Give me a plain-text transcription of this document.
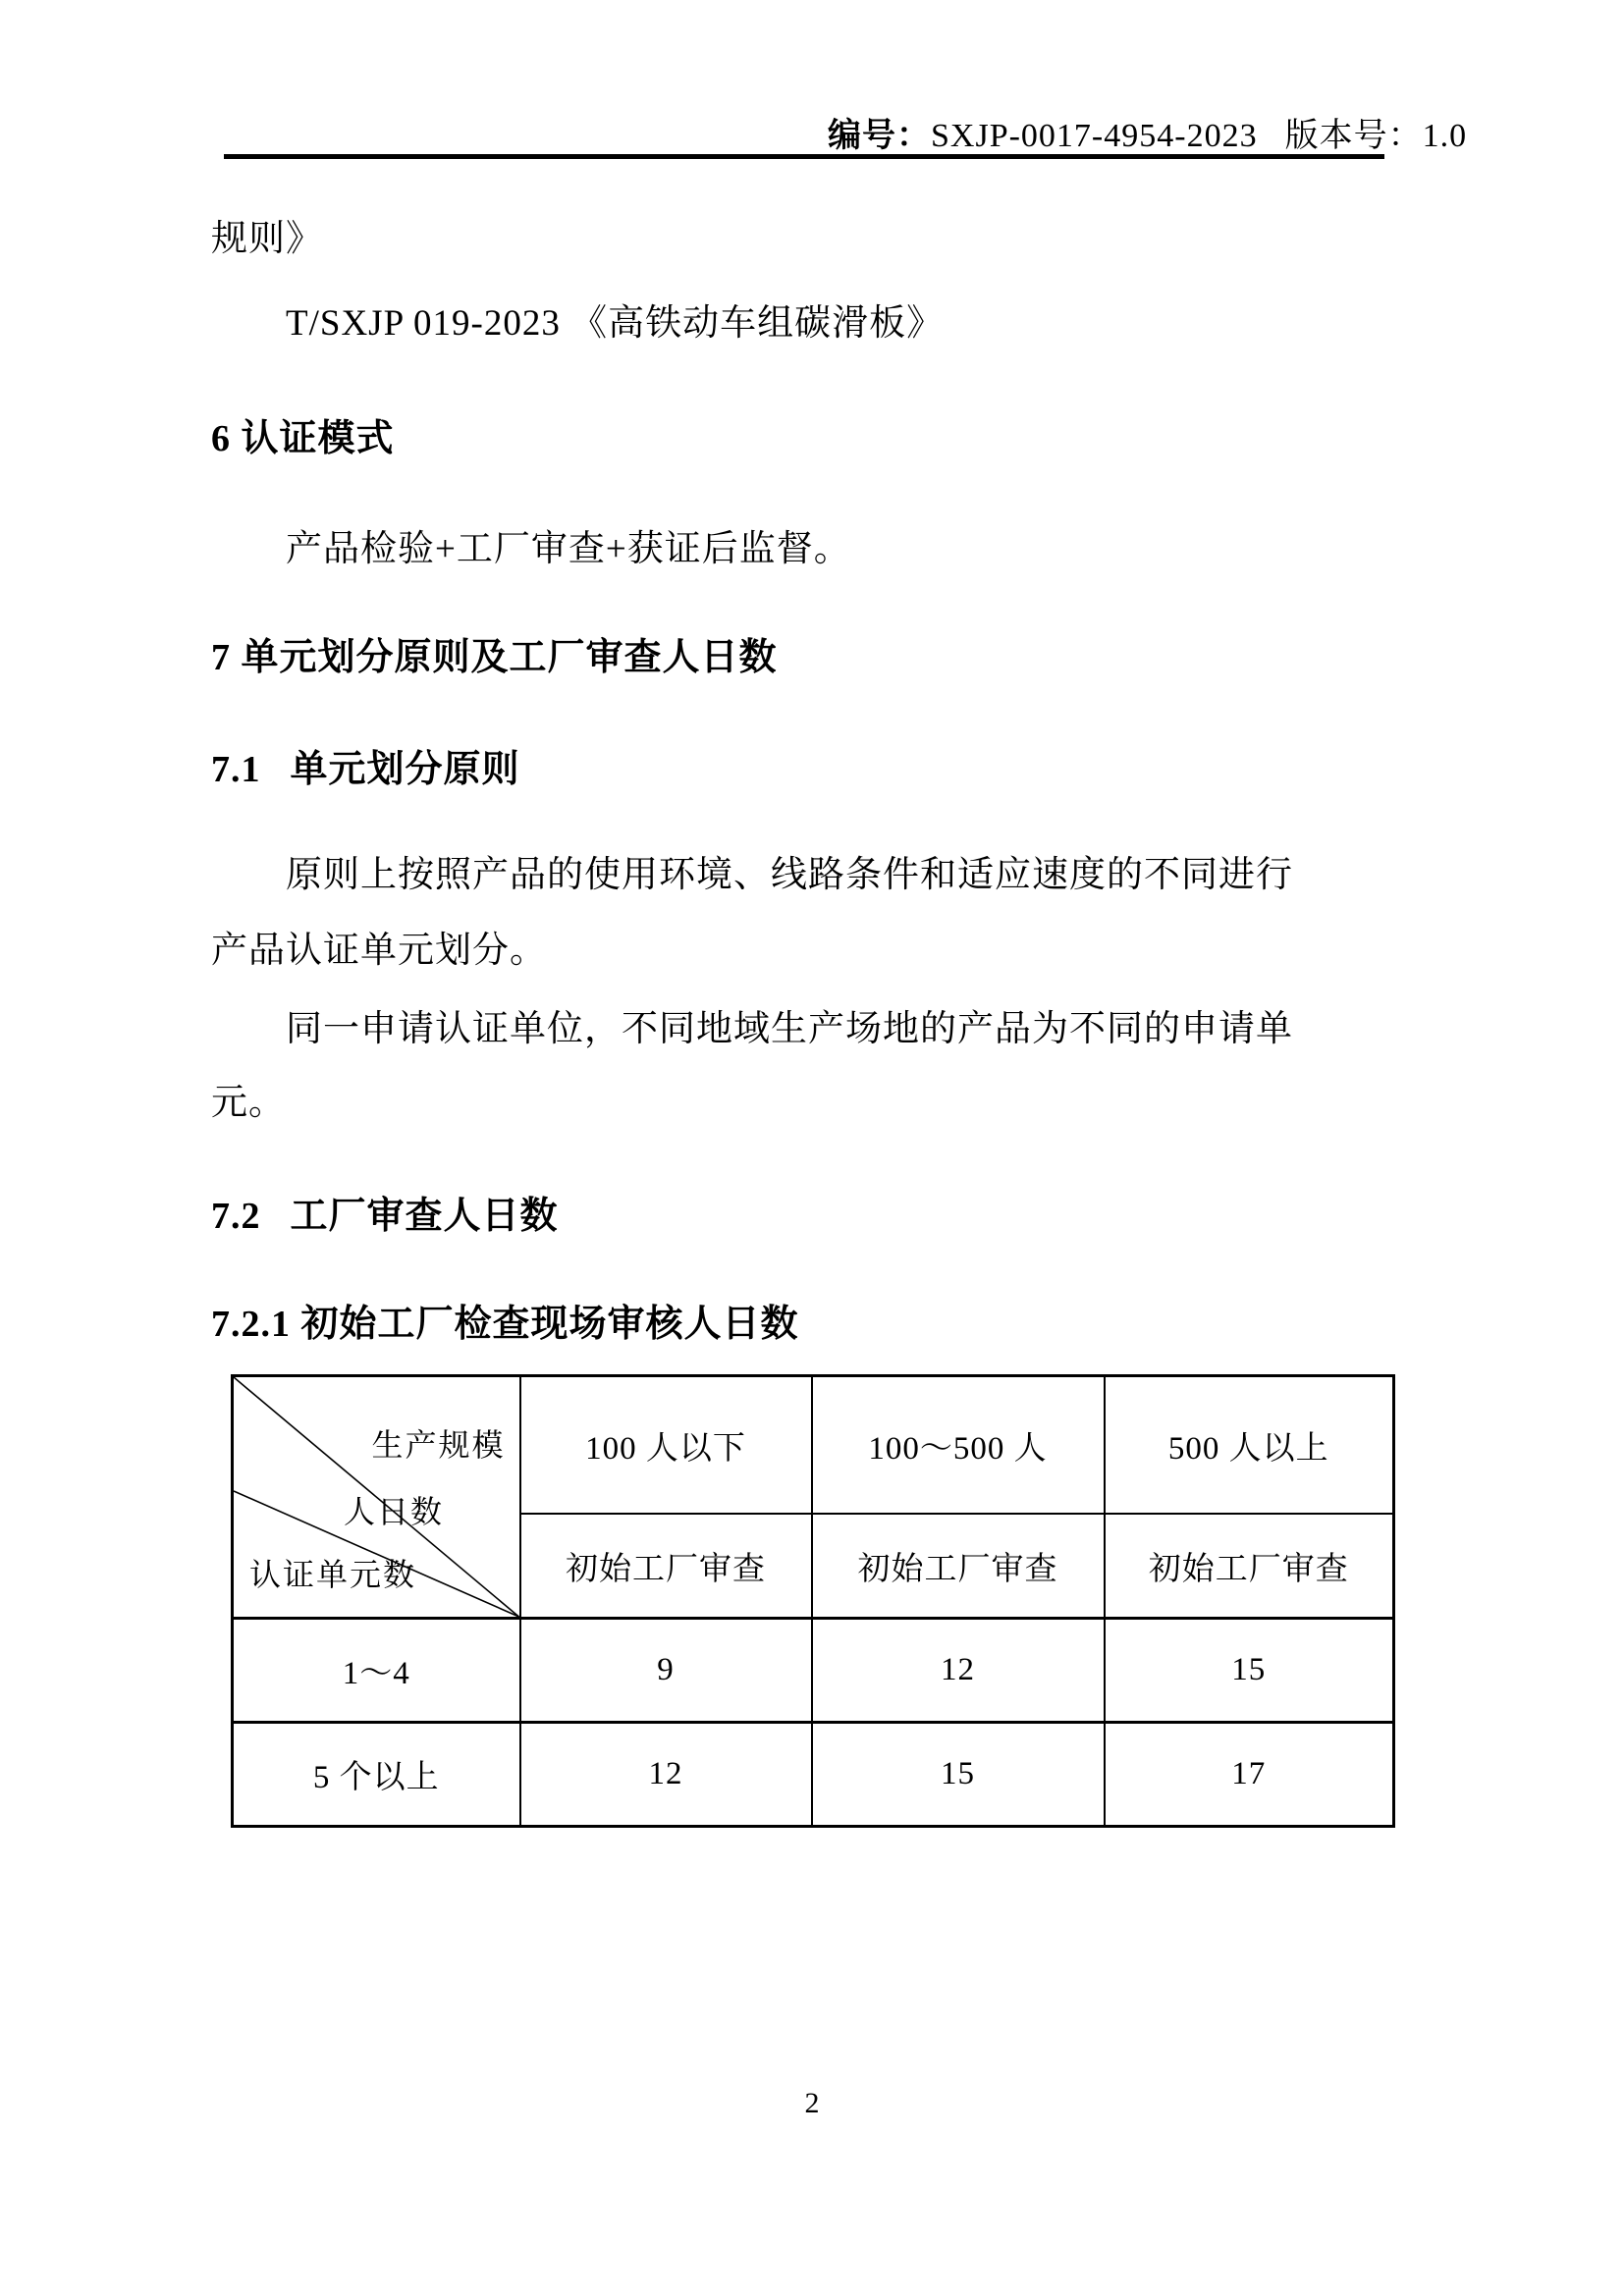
编号：SXJP-0017-4954-2023 版本号：1.0
规则》
T/SXJP 019-2023 《高铁动车组碳滑板》
6 认证模式
产品检验+工厂审查+获证后监督。
7 单元划分原则及工厂审查人日数
7.1 单元划分原则
原则上按照产品的使用环境、线路条件和适应速度的不同进行
产品认证单元划分。
同一申请认证单位，不同地域生产场地的产品为不同的申请单
元。
7.2 工厂审查人日数
7.2.1 初始工厂检查现场审核人日数
生产规模
人日数
认证单元数	100 人以下	100～500 人	500 人以上
	初始工厂审查	初始工厂审查	初始工厂审查
1～4	9	12	15
5 个以上	12	15	17
2
